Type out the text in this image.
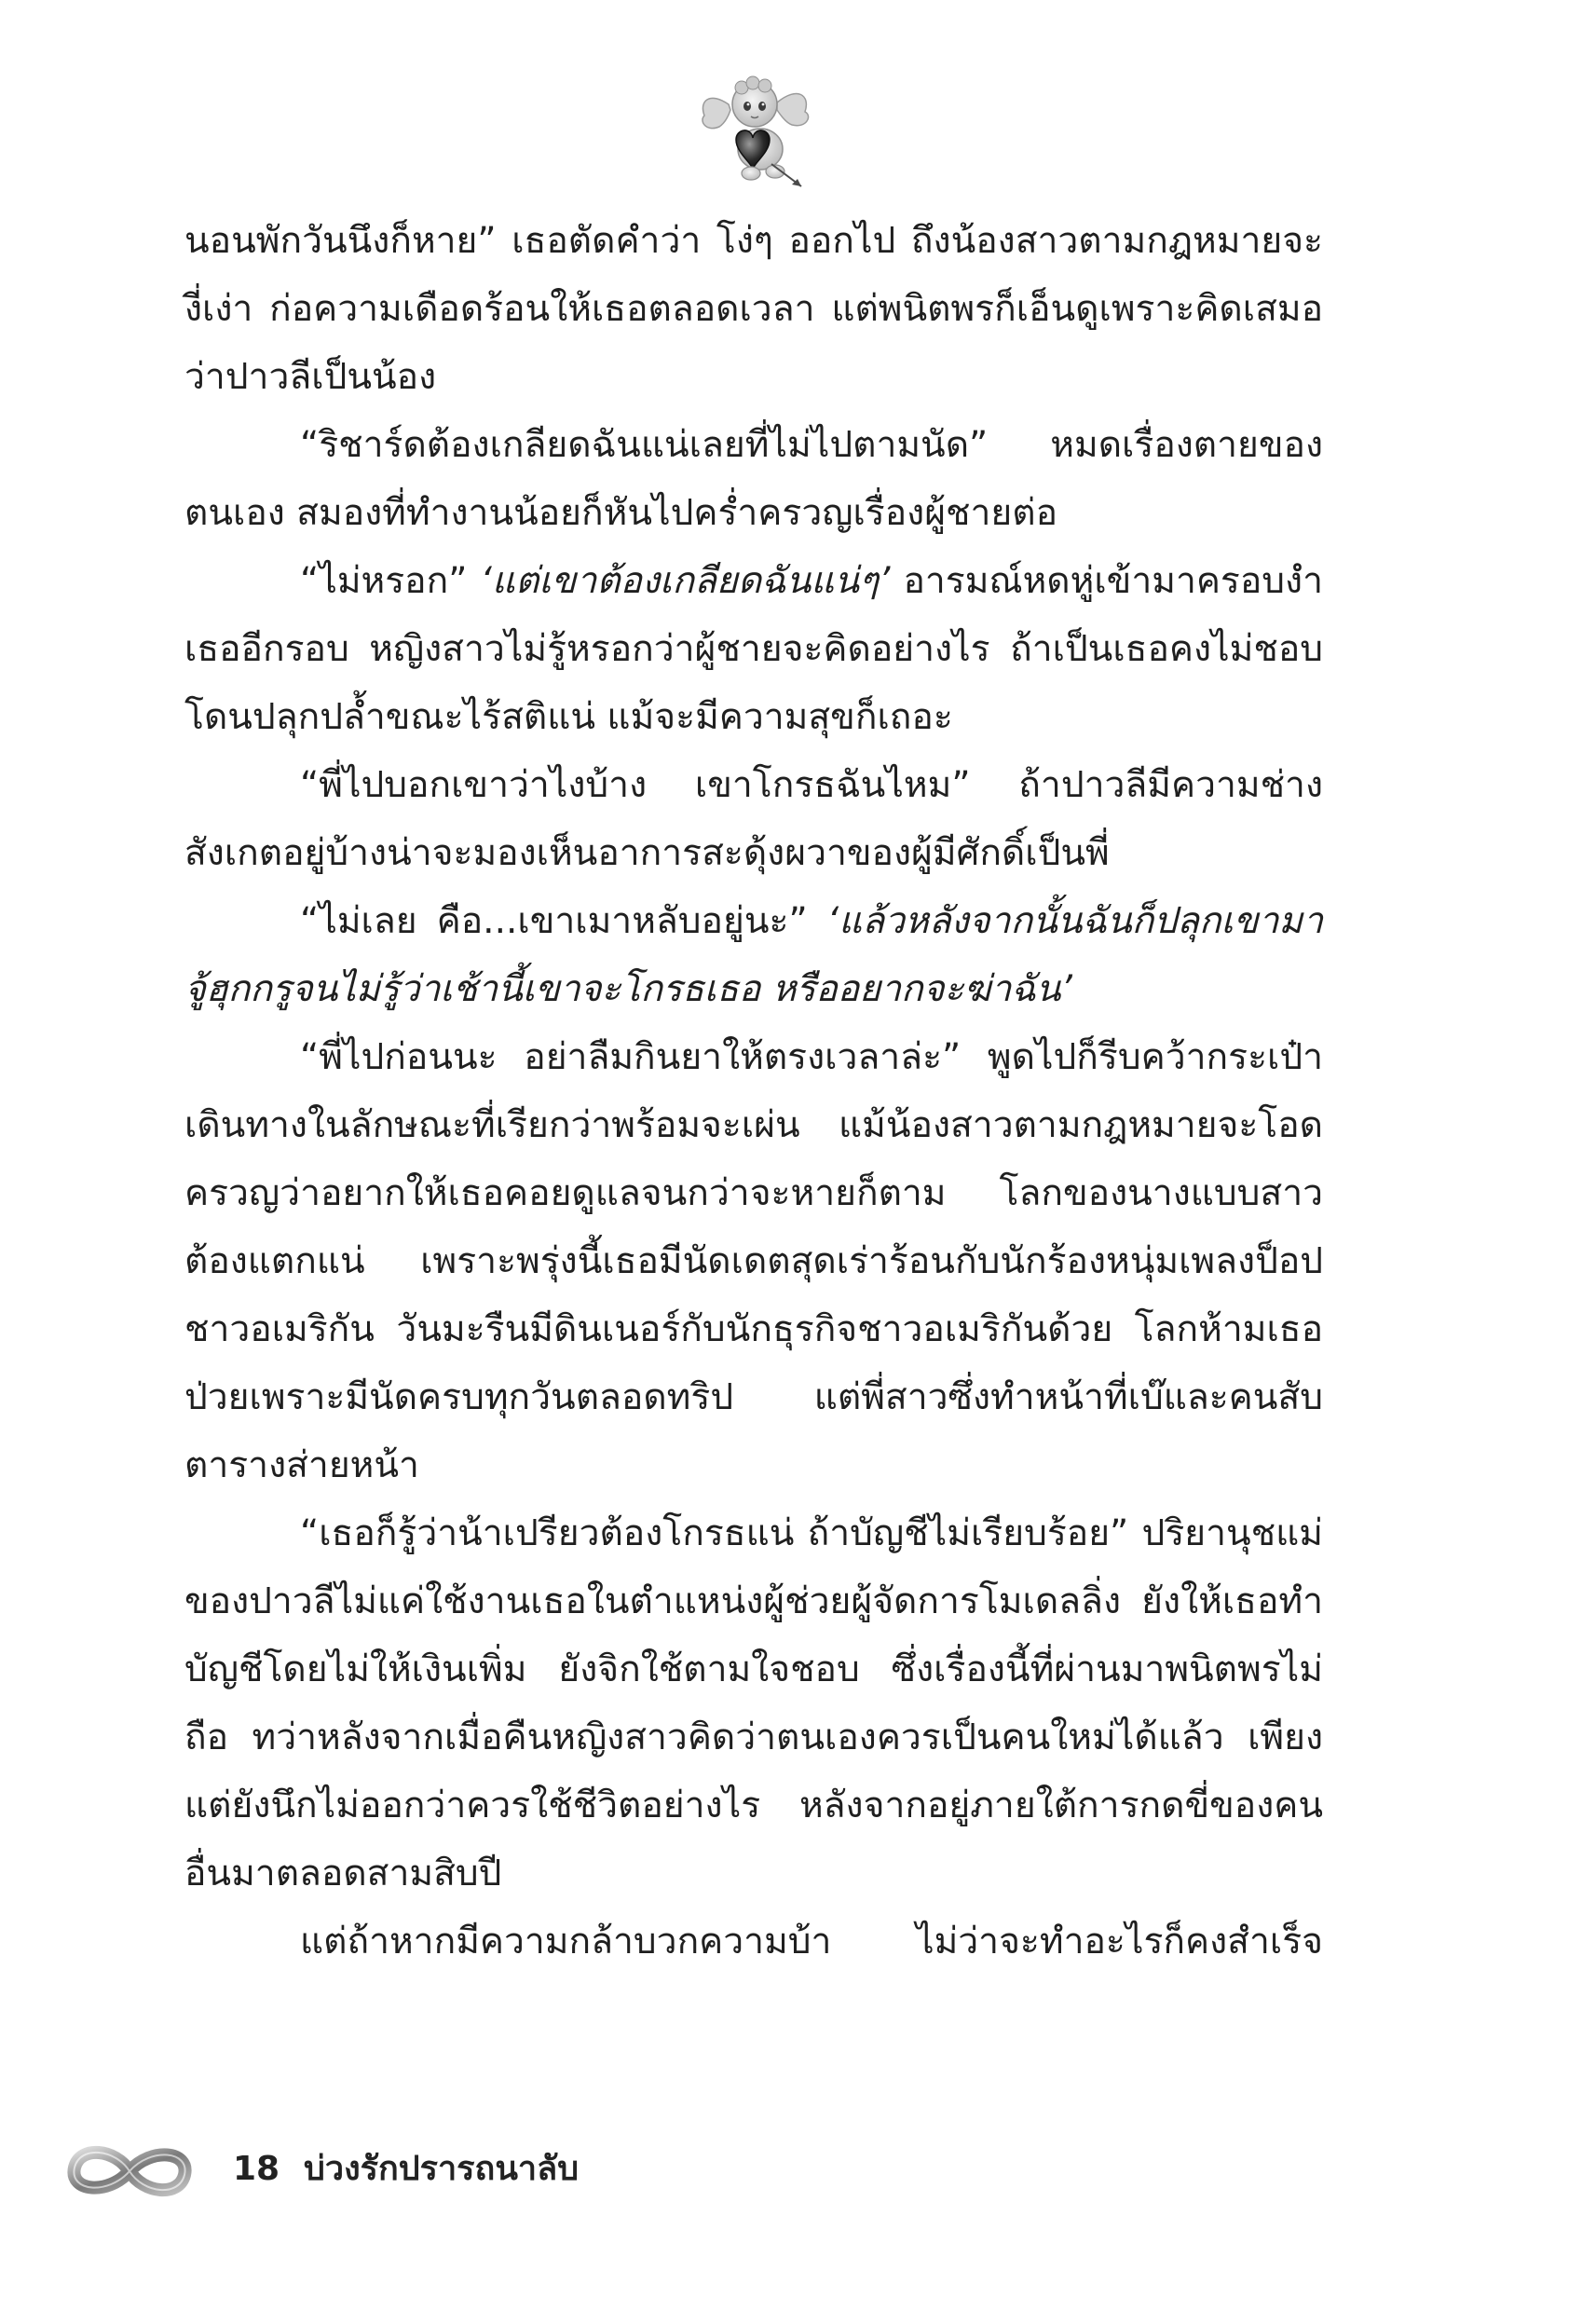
นอนพักวันนึงก็หาย” เธอตัดคำว่า โง่ๆ ออกไป ถึงน้องสาวตามกฎหมายจะงี่เง่า ก่อความเดือดร้อนให้เธอตลอดเวลา แต่พนิตพรก็เอ็นดูเพราะคิดเสมอว่าปาวลีเป็นน้อง

“ริชาร์ดต้องเกลียดฉันแน่เลยที่ไม่ไปตามนัด” หมดเรื่องตายของตนเอง สมองที่ทำงานน้อยก็หันไปคร่ำครวญเรื่องผู้ชายต่อ

“ไม่หรอก” ‘แต่เขาต้องเกลียดฉันแน่ๆ’ อารมณ์หดหู่เข้ามาครอบงำเธออีกรอบ หญิงสาวไม่รู้หรอกว่าผู้ชายจะคิดอย่างไร ถ้าเป็นเธอคงไม่ชอบโดนปลุกปล้ำขณะไร้สติแน่ แม้จะมีความสุขก็เถอะ

“พี่ไปบอกเขาว่าไงบ้าง เขาโกรธฉันไหม” ถ้าปาวลีมีความช่างสังเกตอยู่บ้างน่าจะมองเห็นอาการสะดุ้งผวาของผู้มีศักดิ์เป็นพี่

“ไม่เลย คือ...เขาเมาหลับอยู่นะ” ‘แล้วหลังจากนั้นฉันก็ปลุกเขามาจู้ฮุกกรูจนไม่รู้ว่าเช้านี้เขาจะโกรธเธอ หรืออยากจะฆ่าฉัน’

“พี่ไปก่อนนะ อย่าลืมกินยาให้ตรงเวลาล่ะ” พูดไปก็รีบคว้ากระเป๋าเดินทางในลักษณะที่เรียกว่าพร้อมจะเผ่น แม้น้องสาวตามกฎหมายจะโอดครวญว่าอยากให้เธอคอยดูแลจนกว่าจะหายก็ตาม โลกของนางแบบสาวต้องแตกแน่ เพราะพรุ่งนี้เธอมีนัดเดตสุดเร่าร้อนกับนักร้องหนุ่มเพลงป็อปชาวอเมริกัน วันมะรืนมีดินเนอร์กับนักธุรกิจชาวอเมริกันด้วย โลกห้ามเธอป่วยเพราะมีนัดครบทุกวันตลอดทริป แต่พี่สาวซึ่งทำหน้าที่เบ๊และคนสับตารางส่ายหน้า

“เธอก็รู้ว่าน้าเปรียวต้องโกรธแน่ ถ้าบัญชีไม่เรียบร้อย” ปริยานุชแม่ของปาวลีไม่แค่ใช้งานเธอในตำแหน่งผู้ช่วยผู้จัดการโมเดลลิ่ง ยังให้เธอทำบัญชีโดยไม่ให้เงินเพิ่ม ยังจิกใช้ตามใจชอบ ซึ่งเรื่องนี้ที่ผ่านมาพนิตพรไม่ถือ ทว่าหลังจากเมื่อคืนหญิงสาวคิดว่าตนเองควรเป็นคนใหม่ได้แล้ว เพียงแต่ยังนึกไม่ออกว่าควรใช้ชีวิตอย่างไร หลังจากอยู่ภายใต้การกดขี่ของคนอื่นมาตลอดสามสิบปี

แต่ถ้าหากมีความกล้าบวกความบ้า ไม่ว่าจะทำอะไรก็คงสำเร็จ

18 บ่วงรักปรารถนาลับ
